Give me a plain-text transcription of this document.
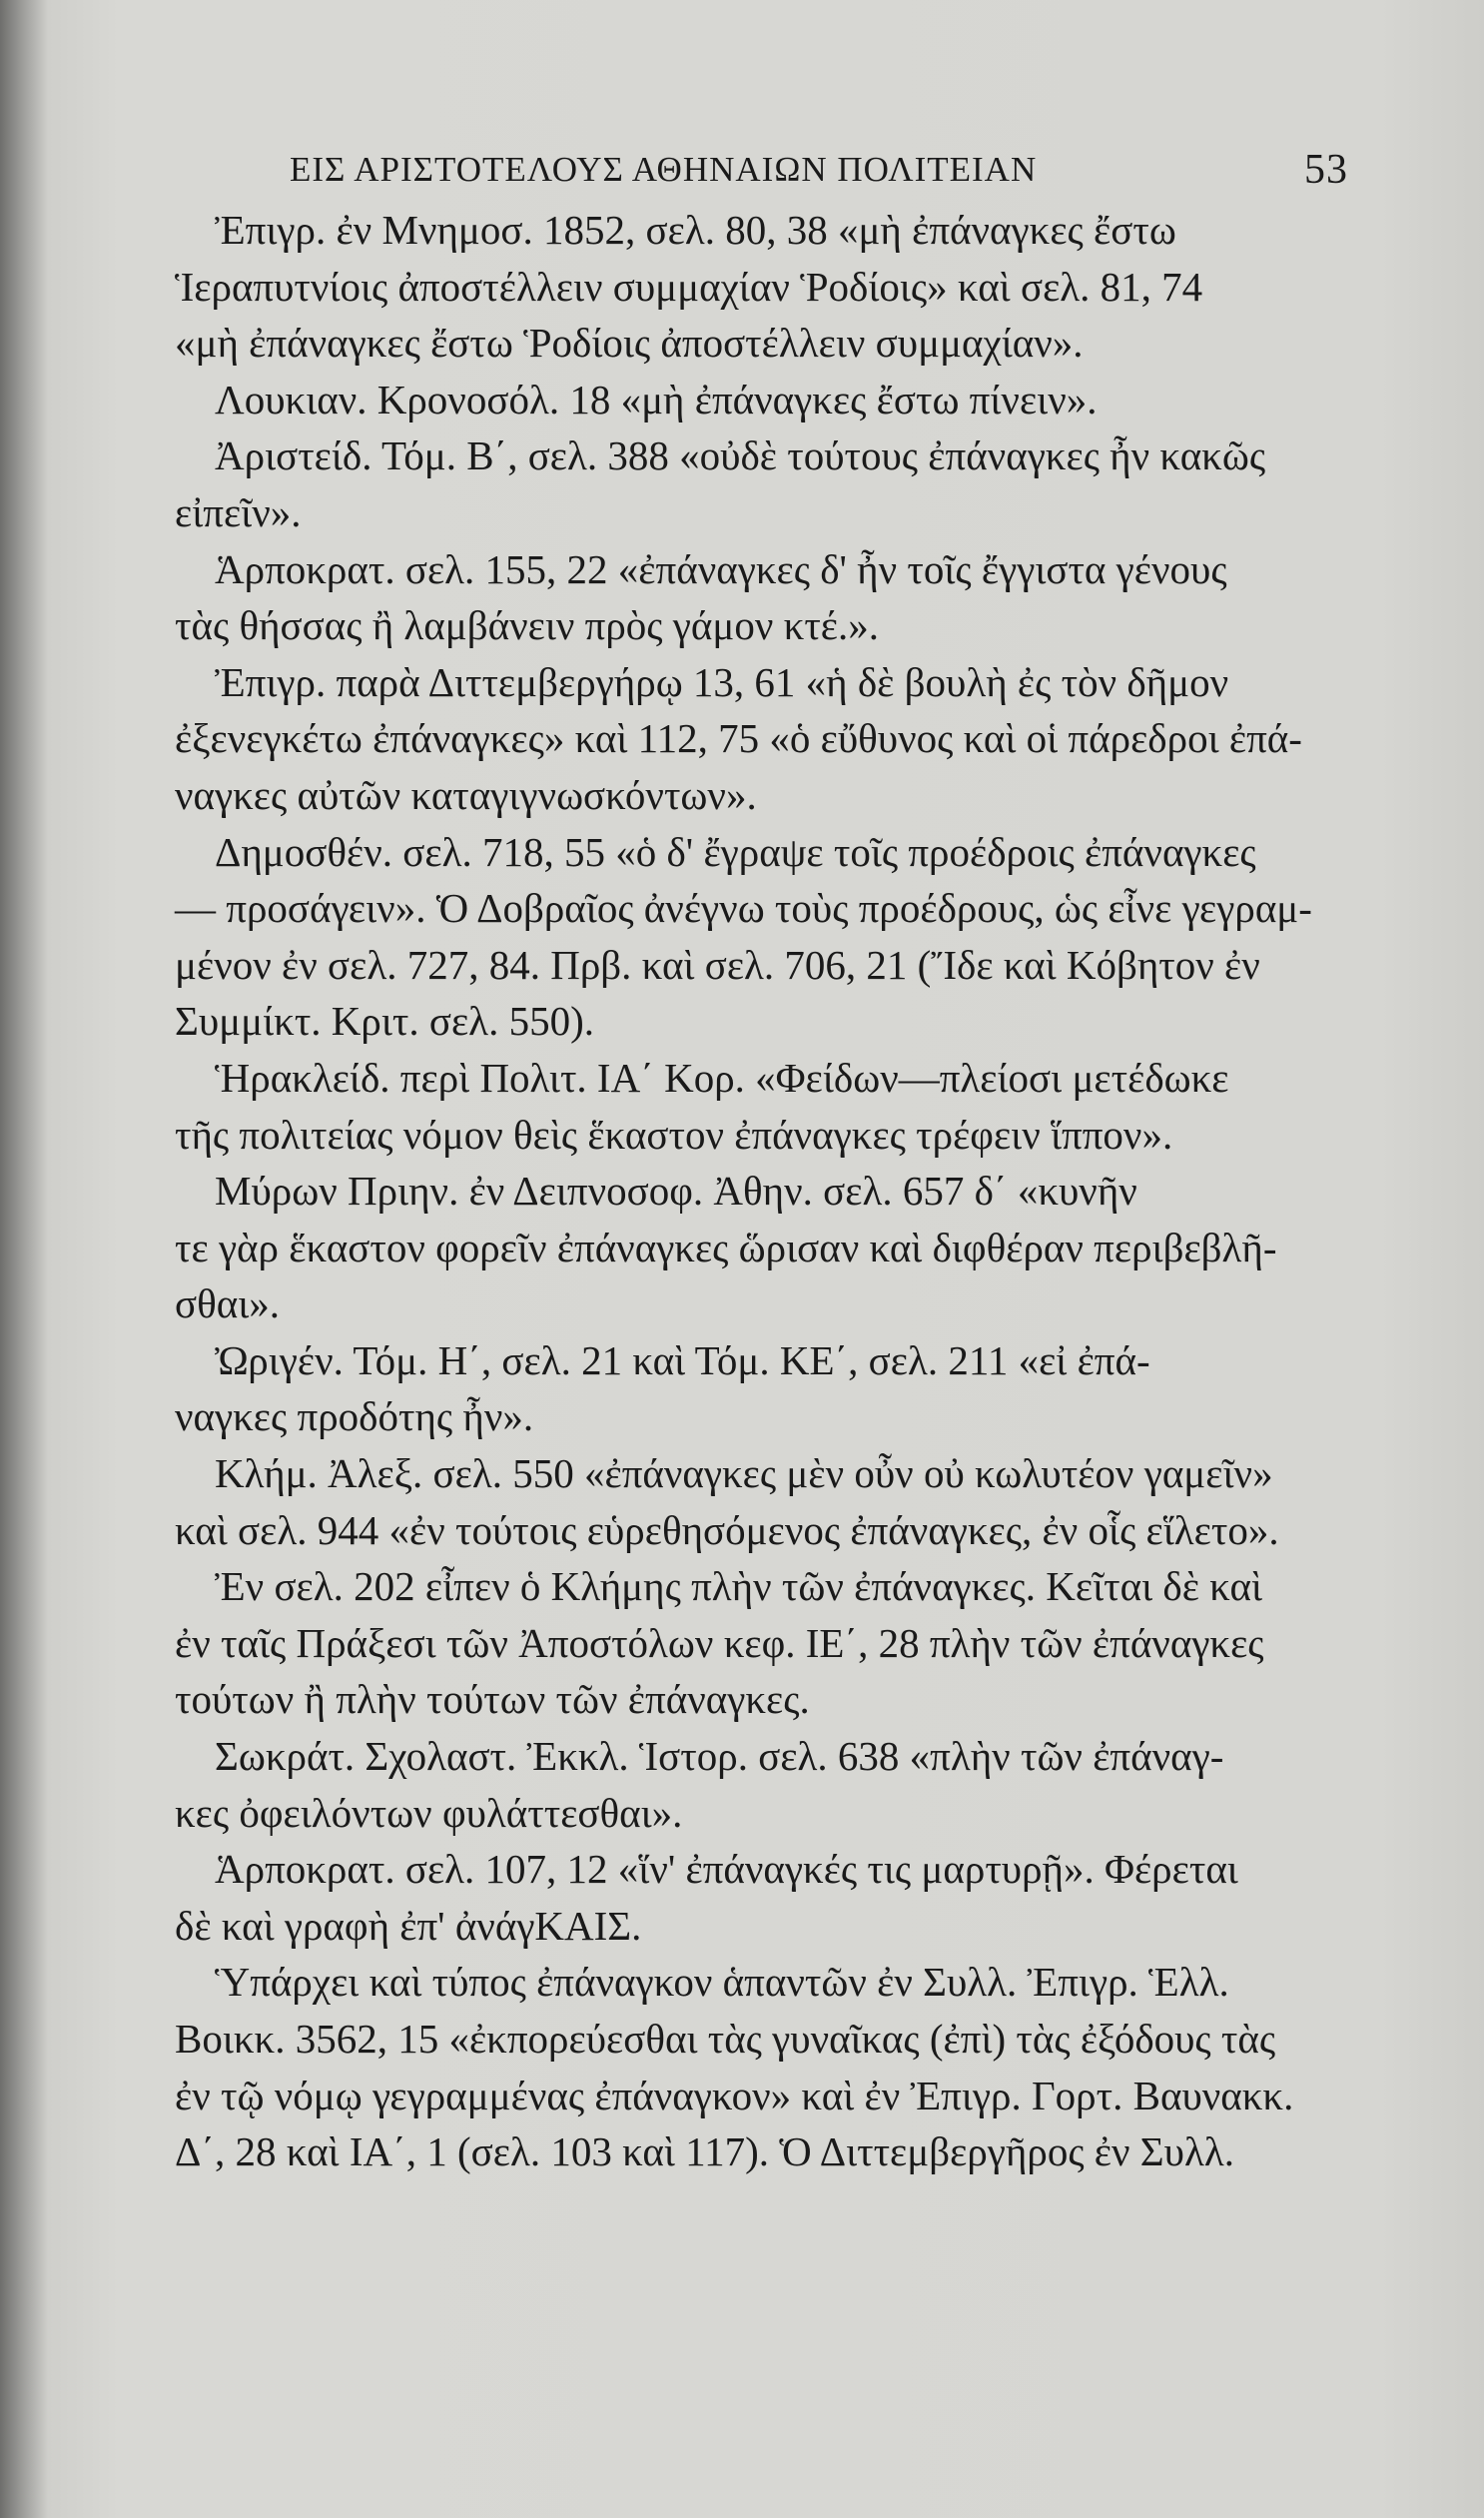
ΕΙΣ ΑΡΙΣΤΟΤΕΛΟΥΣ ΑΘΗΝΑΙΩΝ ΠΟΛΙΤΕΙΑΝ	53
Ἐπιγρ. ἐν Μνημοσ. 1852, σελ. 80, 38 «μὴ ἐπάναγκες ἔστω
Ἱεραπυτνίοις ἀποστέλλειν συμμαχίαν Ῥοδίοις» καὶ σελ. 81, 74
«μὴ ἐπάναγκες ἔστω Ῥοδίοις ἀποστέλλειν συμμαχίαν».
Λουκιαν. Κρονοσόλ. 18 «μὴ ἐπάναγκες ἔστω πίνειν».
Ἀριστείδ. Τόμ. Β΄, σελ. 388 «οὐδὲ τούτους ἐπάναγκες ἦν κακῶς
εἰπεῖν».
Ἁρποκρατ. σελ. 155, 22 «ἐπάναγκες δ' ἦν τοῖς ἔγγιστα γένους
τὰς θήσσας ἢ λαμβάνειν πρὸς γάμον κτέ.».
Ἐπιγρ. παρὰ Διττεμβεργήρῳ 13, 61 «ἡ δὲ βουλὴ ἐς τὸν δῆμον
ἐξενεγκέτω ἐπάναγκες» καὶ 112, 75 «ὁ εὔθυνος καὶ οἱ πάρεδροι ἐπά-
ναγκες αὐτῶν καταγιγνωσκόντων».
Δημοσθέν. σελ. 718, 55 «ὁ δ' ἔγραψε τοῖς προέδροις ἐπάναγκες
— προσάγειν». Ὁ Δοβραῖος ἀνέγνω τοὺς προέδρους, ὡς εἶνε γεγραμ-
μένον ἐν σελ. 727, 84. Πρβ. καὶ σελ. 706, 21 (Ἴδε καὶ Κόβητον ἐν
Συμμίκτ. Κριτ. σελ. 550).
Ἡρακλείδ. περὶ Πολιτ. ΙΑ΄ Κορ. «Φείδων—πλείοσι μετέδωκε
τῆς πολιτείας νόμον θεὶς ἕκαστον ἐπάναγκες τρέφειν ἵππον».
Μύρων Πριην. ἐν Δειπνοσοφ. Ἀθην. σελ. 657 δ΄ «κυνῆν
τε γὰρ ἕκαστον φορεῖν ἐπάναγκες ὥρισαν καὶ διφθέραν περιβεβλῆ-
σθαι».
Ὠριγέν. Τόμ. Η΄, σελ. 21 καὶ Τόμ. ΚΕ΄, σελ. 211 «εἰ ἐπά-
ναγκες προδότης ἦν».
Κλήμ. Ἀλεξ. σελ. 550 «ἐπάναγκες μὲν οὖν οὐ κωλυτέον γαμεῖν»
καὶ σελ. 944 «ἐν τούτοις εὑρεθησόμενος ἐπάναγκες, ἐν οἷς εἵλετο».
Ἐν σελ. 202 εἶπεν ὁ Κλήμης πλὴν τῶν ἐπάναγκες. Κεῖται δὲ καὶ
ἐν ταῖς Πράξεσι τῶν Ἀποστόλων κεφ. ΙΕ΄, 28 πλὴν τῶν ἐπάναγκες
τούτων ἢ πλὴν τούτων τῶν ἐπάναγκες.
Σωκράτ. Σχολαστ. Ἐκκλ. Ἱστορ. σελ. 638 «πλὴν τῶν ἐπάναγ-
κες ὀφειλόντων φυλάττεσθαι».
Ἁρποκρατ. σελ. 107, 12 «ἵν' ἐπάναγκές τις μαρτυρῇ». Φέρεται
δὲ καὶ γραφὴ ἐπ' ἀνάγΚΑΙΣ.
Ὑπάρχει καὶ τύπος ἐπάναγκον ἁπαντῶν ἐν Συλλ. Ἐπιγρ. Ἑλλ.
Βοικκ. 3562, 15 «ἐκπορεύεσθαι τὰς γυναῖκας (ἐπὶ) τὰς ἐξόδους τὰς
ἐν τῷ νόμῳ γεγραμμένας ἐπάναγκον» καὶ ἐν Ἐπιγρ. Γορτ. Βαυνακκ.
Δ΄, 28 καὶ ΙΑ΄, 1 (σελ. 103 καὶ 117). Ὁ Διττεμβεργῆρος ἐν Συλλ.
